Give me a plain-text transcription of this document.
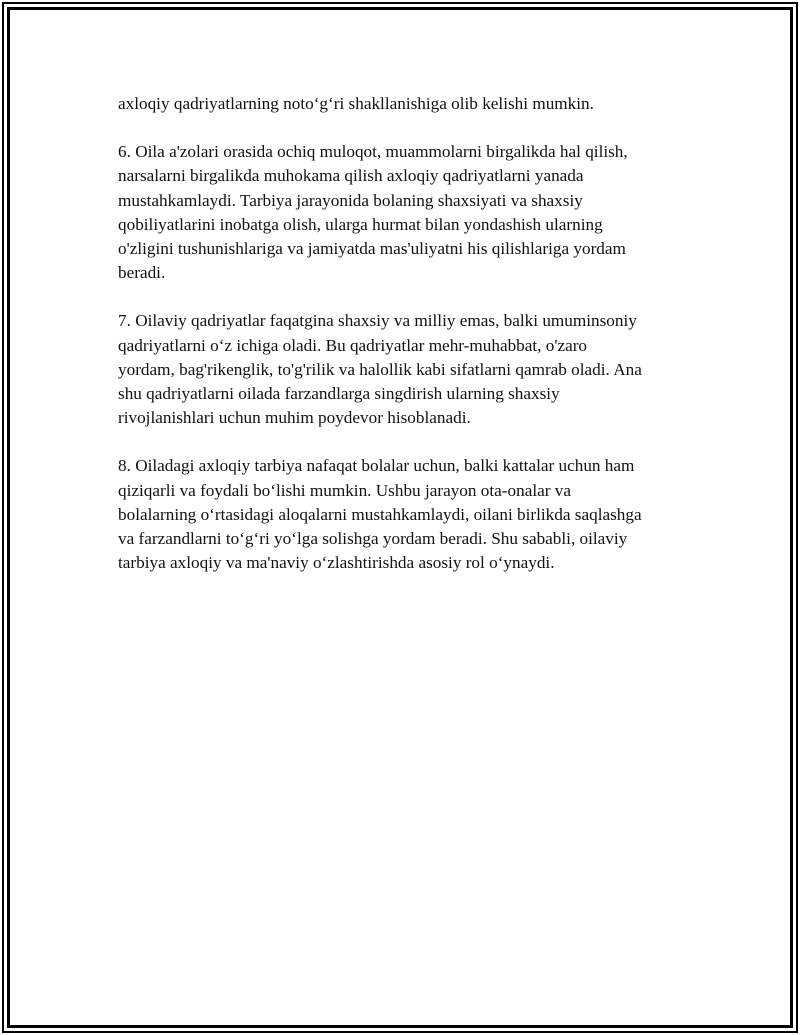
axloqiy qadriyatlarning noto‘g‘ri shakllanishiga olib kelishi mumkin.

6. Oila a'zolari orasida ochiq muloqot, muammolarni birgalikda hal qilish,
narsalarni birgalikda muhokama qilish axloqiy qadriyatlarni yanada
mustahkamlaydi. Tarbiya jarayonida bolaning shaxsiyati va shaxsiy
qobiliyatlarini inobatga olish, ularga hurmat bilan yondashish ularning
o'zligini tushunishlariga va jamiyatda mas'uliyatni his qilishlariga yordam
beradi.

7. Oilaviy qadriyatlar faqatgina shaxsiy va milliy emas, balki umuminsoniy
qadriyatlarni o‘z ichiga oladi. Bu qadriyatlar mehr-muhabbat, o'zaro
yordam, bag'rikenglik, to'g'rilik va halollik kabi sifatlarni qamrab oladi. Ana
shu qadriyatlarni oilada farzandlarga singdirish ularning shaxsiy
rivojlanishlari uchun muhim poydevor hisoblanadi.

8. Oiladagi axloqiy tarbiya nafaqat bolalar uchun, balki kattalar uchun ham
qiziqarli va foydali bo‘lishi mumkin. Ushbu jarayon ota-onalar va
bolalarning o‘rtasidagi aloqalarni mustahkamlaydi, oilani birlikda saqlashga
va farzandlarni to‘g‘ri yo‘lga solishga yordam beradi. Shu sababli, oilaviy
tarbiya axloqiy va ma'naviy o‘zlashtirishda asosiy rol o‘ynaydi.
